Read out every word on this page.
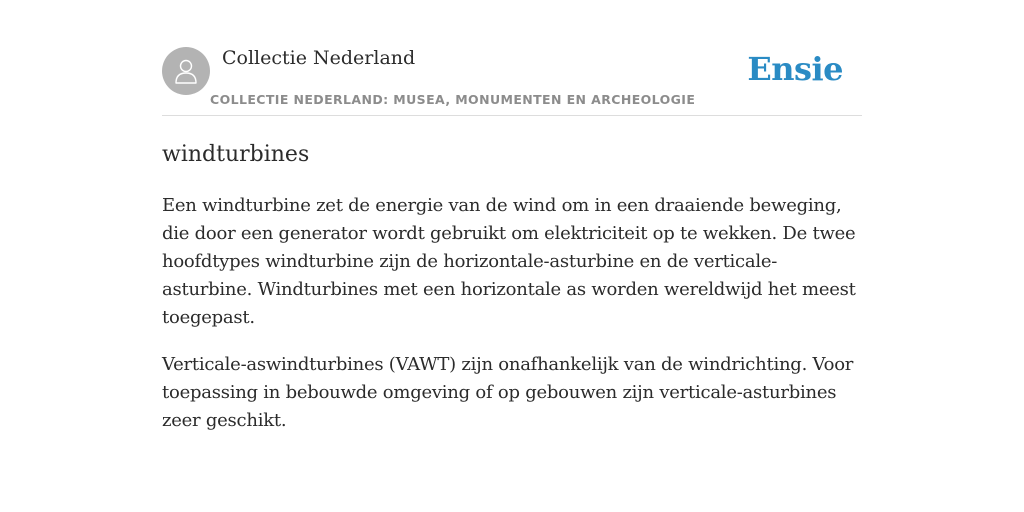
Collectie Nederland
COLLECTIE NEDERLAND: MUSEA, MONUMENTEN EN ARCHEOLOGIE
Ensie
windturbines

Een windturbine zet de energie van de wind om in een draaiende beweging, die door een generator wordt gebruikt om elektriciteit op te wekken. De twee hoofdtypes windturbine zijn de horizontale-asturbine en de verticale-asturbine. Windturbines met een horizontale as worden wereldwijd het meest toegepast.

Verticale-aswindturbines (VAWT) zijn onafhankelijk van de windrichting. Voor toepassing in bebouwde omgeving of op gebouwen zijn verticale-asturbines zeer geschikt.
